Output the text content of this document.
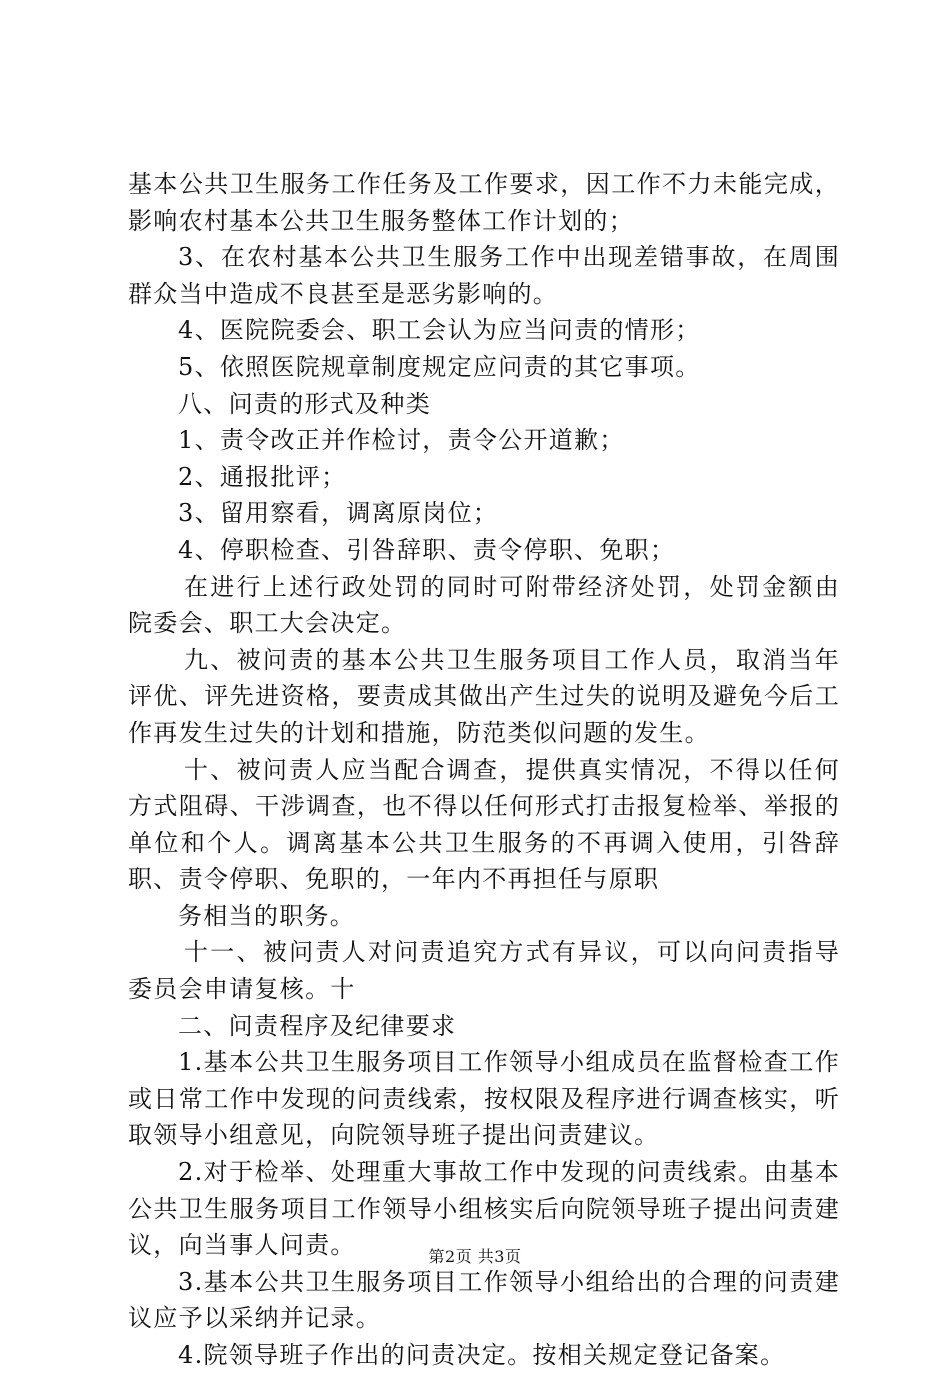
基本公共卫生服务工作任务及工作要求，因工作不力未能完成，影响农村基本公共卫生服务整体工作计划的；

3、在农村基本公共卫生服务工作中出现差错事故，在周围群众当中造成不良甚至是恶劣影响的。

4、医院院委会、职工会认为应当问责的情形；

5、依照医院规章制度规定应问责的其它事项。

八、问责的形式及种类

1、责令改正并作检讨，责令公开道歉；

2、通报批评；

3、留用察看，调离原岗位；

4、停职检查、引咎辞职、责令停职、免职；

在进行上述行政处罚的同时可附带经济处罚，处罚金额由院委会、职工大会决定。

九、被问责的基本公共卫生服务项目工作人员，取消当年评优、评先进资格，要责成其做出产生过失的说明及避免今后工作再发生过失的计划和措施，防范类似问题的发生。

十、被问责人应当配合调查，提供真实情况，不得以任何方式阻碍、干涉调查，也不得以任何形式打击报复检举、举报的单位和个人。调离基本公共卫生服务的不再调入使用，引咎辞职、责令停职、免职的，一年内不再担任与原职

务相当的职务。

十一、被问责人对问责追究方式有异议，可以向问责指导委员会申请复核。十

二、问责程序及纪律要求

1.基本公共卫生服务项目工作领导小组成员在监督检查工作或日常工作中发现的问责线索，按权限及程序进行调查核实，听取领导小组意见，向院领导班子提出问责建议。

2.对于检举、处理重大事故工作中发现的问责线索。由基本公共卫生服务项目工作领导小组核实后向院领导班子提出问责建议，向当事人问责。

3.基本公共卫生服务项目工作领导小组给出的合理的问责建议应予以采纳并记录。

4.院领导班子作出的问责决定。按相关规定登记备案。

第2页 共3页
